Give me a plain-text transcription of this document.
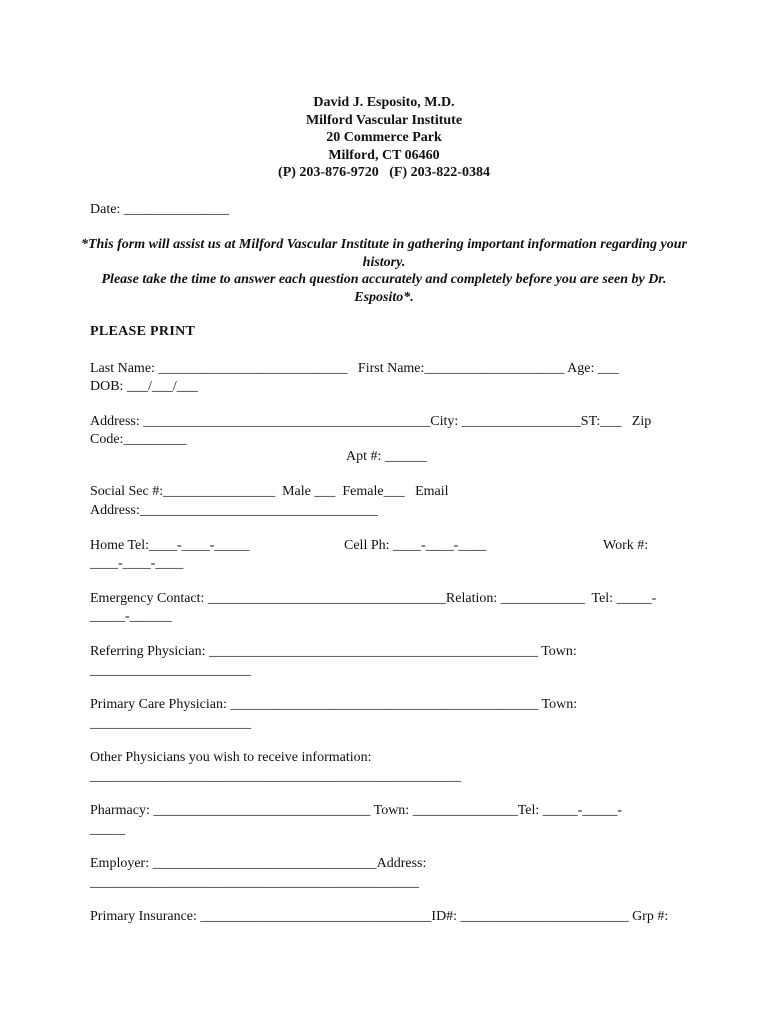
David J. Esposito, M.D.
Milford Vascular Institute
20 Commerce Park
Milford, CT 06460
(P) 203-876-9720   (F) 203-822-0384
Date: _______________
*This form will assist us at Milford Vascular Institute in gathering important information regarding your history.
Please take the time to answer each question accurately and completely before you are seen by Dr. Esposito*.
PLEASE PRINT
Last Name: ___________________________   First Name:____________________ Age: ___
DOB: ___/___/___
Address: _________________________________________City: _________________ST:___   Zip
Code:_________
Apt #: ______
Social Sec #:________________  Male ___  Female___   Email
Address:__________________________________
Home Tel:____-____-_____	Cell Ph: ____-____-____	Work #:
____-____-____
Emergency Contact: __________________________________Relation: ____________  Tel: _____-
_____-______
Referring Physician: _______________________________________________ Town:
_______________________
Primary Care Physician: ____________________________________________ Town:
_______________________
Other Physicians you wish to receive information:
_____________________________________________________
Pharmacy: _______________________________ Town: _______________Tel: _____-_____-
_____
Employer: ________________________________Address:
_______________________________________________
Primary Insurance: _________________________________ID#: ________________________ Grp #:
